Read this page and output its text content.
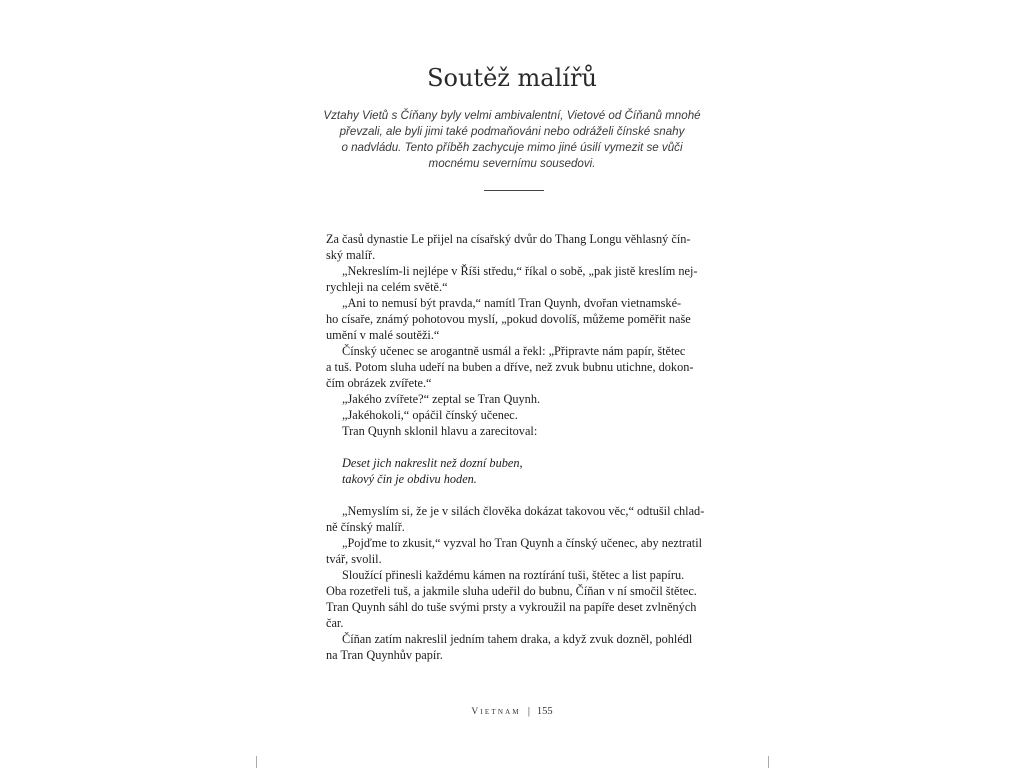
Soutěž malířů
Vztahy Vietů s Číňany byly velmi ambivalentní, Vietové od Číňanů mnohé
převzali, ale byli jimi také podmaňováni nebo odráželi čínské snahy
o nadvládu. Tento příběh zachycuje mimo jiné úsilí vymezit se vůči
mocnému severnímu sousedovi.
Za časů dynastie Le přijel na císařský dvůr do Thang Longu věhlasný čín-
ský malíř.
„Nekreslím-li nejlépe v Říši středu,“ říkal o sobě, „pak jistě kreslím nej-
rychleji na celém světě.“
„Ani to nemusí být pravda,“ namítl Tran Quynh, dvořan vietnamské-
ho císaře, známý pohotovou myslí, „pokud dovolíš, můžeme poměřit naše
umění v malé soutěži.“
Čínský učenec se arogantně usmál a řekl: „Připravte nám papír, štětec
a tuš. Potom sluha udeří na buben a dříve, než zvuk bubnu utichne, dokon-
čím obrázek zvířete.“
„Jakého zvířete?“ zeptal se Tran Quynh.
„Jakéhokoli,“ opáčil čínský učenec.
Tran Quynh sklonil hlavu a zarecitoval:
Deset jich nakreslit než dozní buben,
takový čin je obdivu hoden.
„Nemyslím si, že je v silách člověka dokázat takovou věc,“ odtušil chlad-
ně čínský malíř.
„Pojďme to zkusit,“ vyzval ho Tran Quynh a čínský učenec, aby neztratil
tvář, svolil.
Sloužící přinesli každému kámen na roztírání tuši, štětec a list papíru.
Oba rozetřeli tuš, a jakmile sluha udeřil do bubnu, Číňan v ní smočil štětec.
Tran Quynh sáhl do tuše svými prsty a vykroužil na papíře deset zvlněných
čar.
Číňan zatím nakreslil jedním tahem draka, a když zvuk dozněl, pohlédl
na Tran Quynhův papír.
Vietnam | 155
